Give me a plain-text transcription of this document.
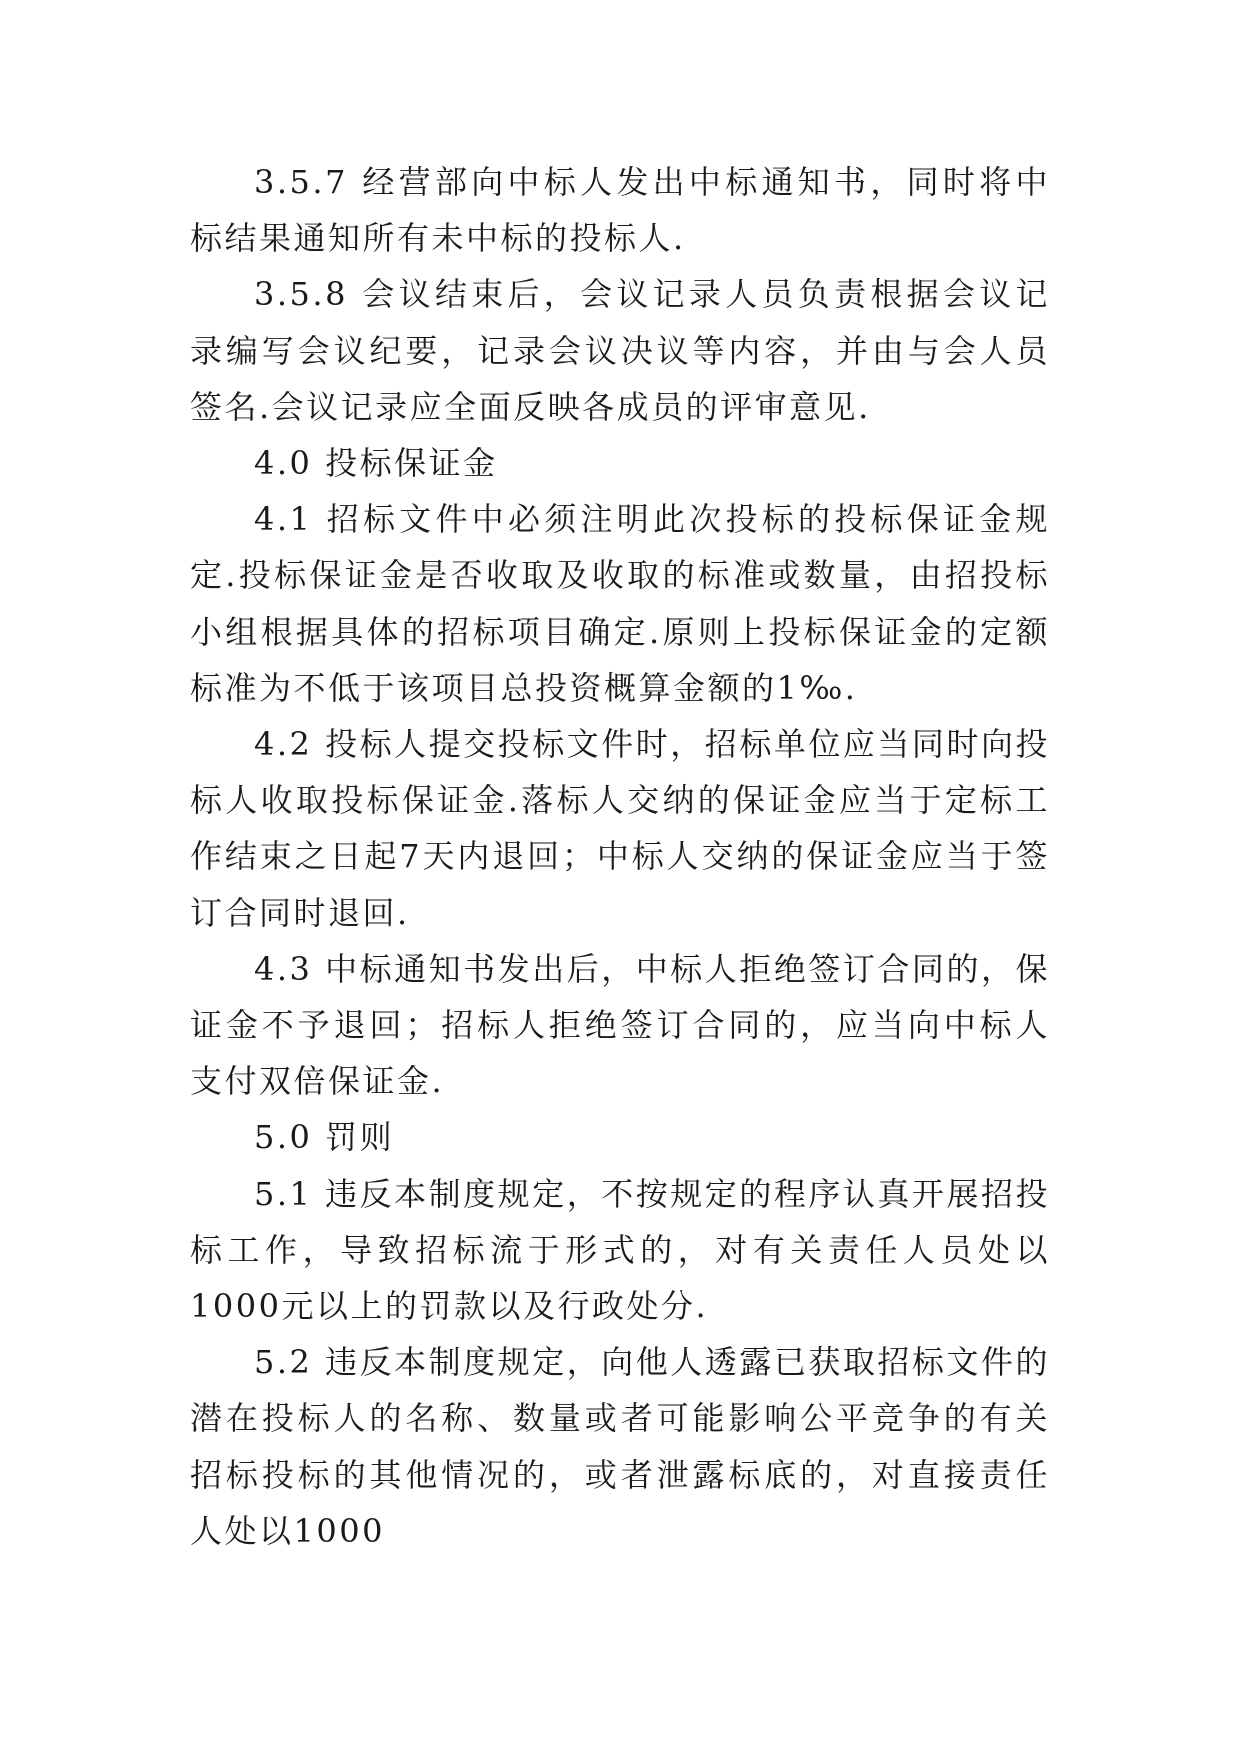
3.5.7 经营部向中标人发出中标通知书，同时将中标结果通知所有未中标的投标人.

3.5.8 会议结束后，会议记录人员负责根据会议记录编写会议纪要，记录会议决议等内容，并由与会人员签名.会议记录应全面反映各成员的评审意见.

4.0 投标保证金

4.1 招标文件中必须注明此次投标的投标保证金规定.投标保证金是否收取及收取的标准或数量，由招投标小组根据具体的招标项目确定.原则上投标保证金的定额标准为不低于该项目总投资概算金额的1‰.

4.2 投标人提交投标文件时，招标单位应当同时向投标人收取投标保证金.落标人交纳的保证金应当于定标工作结束之日起7天内退回；中标人交纳的保证金应当于签订合同时退回.

4.3 中标通知书发出后，中标人拒绝签订合同的，保证金不予退回；招标人拒绝签订合同的，应当向中标人支付双倍保证金.

5.0 罚则

5.1 违反本制度规定，不按规定的程序认真开展招投标工作，导致招标流于形式的，对有关责任人员处以1000元以上的罚款以及行政处分.

5.2 违反本制度规定，向他人透露已获取招标文件的潜在投标人的名称、数量或者可能影响公平竞争的有关招标投标的其他情况的，或者泄露标底的，对直接责任人处以1000
